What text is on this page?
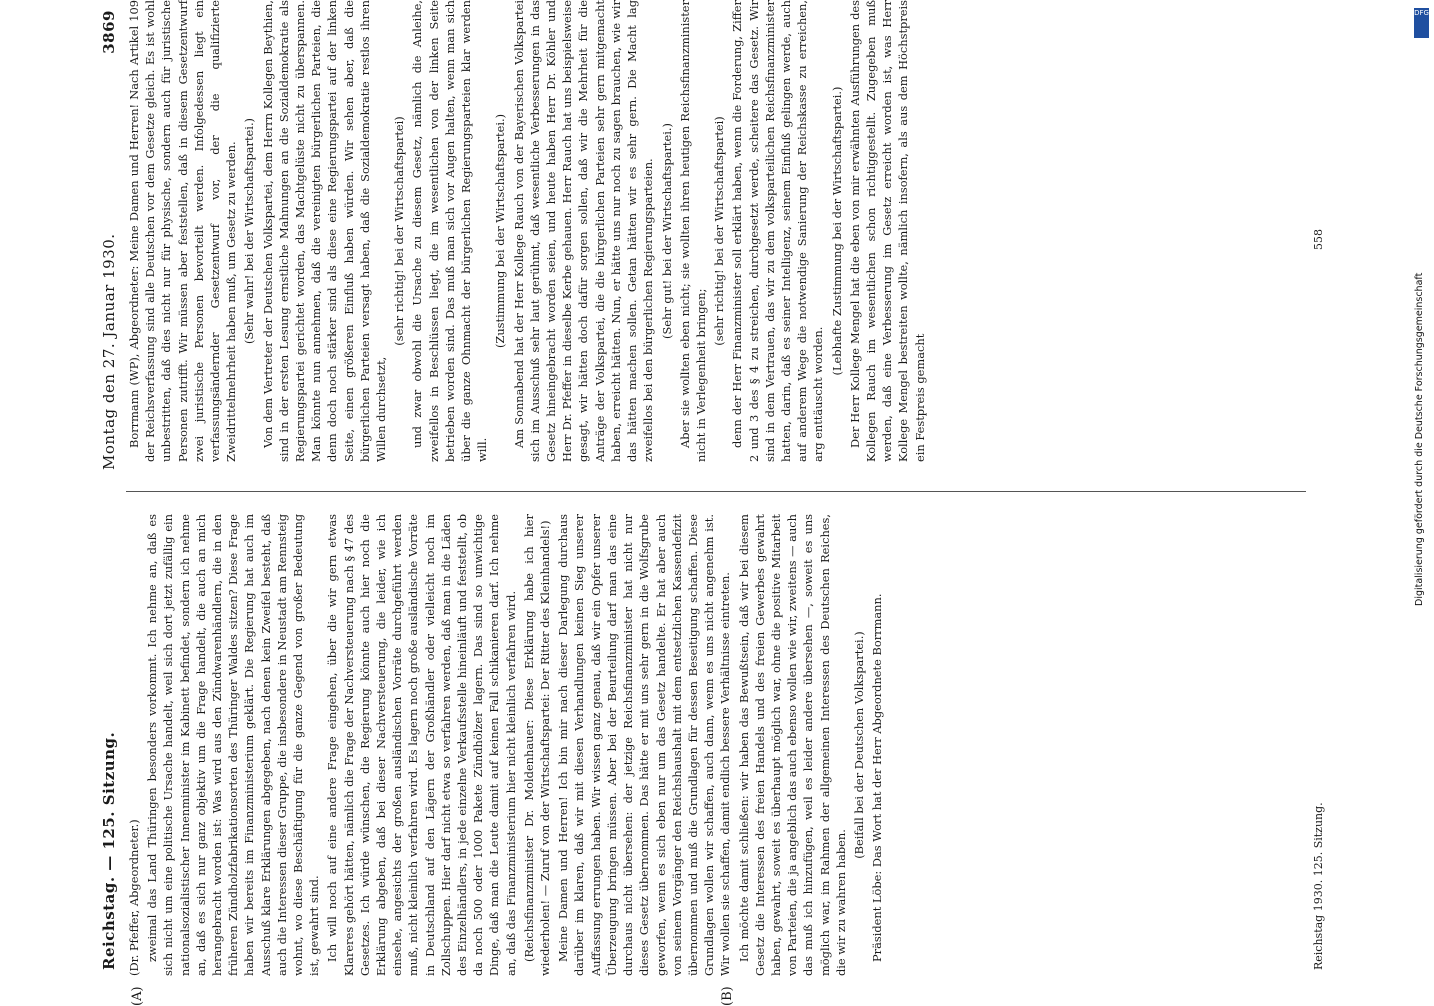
Reichstag. — 125. Sitzung.
Montag den 27. Januar 1930.
3869
(A)	(B)

(Dr. Pfeffer, Abgeordneter.) zweimal das Land Thüringen besonders vorkommt. Ich nehme an, daß es sich nicht um eine politische Ursache handelt, weil sich dort jetzt zufällig ein nationalsozialistischer Innenminister im Kabinett befindet, sondern ich nehme an, daß es sich nur ganz objektiv um die Frage handelt, die auch an mich herangebracht worden ist: Was wird aus den Zündwarenhändlern, die in den früheren Zündholzfabrikationsorten des Thüringer Waldes sitzen? Diese Frage haben wir bereits im Finanzministerium geklärt. Die Regierung hat auch im Ausschuß klare Erklärungen abgegeben, nach denen kein Zweifel besteht, daß auch die Interessen dieser Gruppe, die insbesondere in Neustadt am Rennsteig wohnt, wo diese Beschäftigung für die ganze Gegend von großer Bedeutung ist, gewahrt sind. Ich will noch auf eine andere Frage eingehen, über die wir gern etwas Klareres gehört hätten, nämlich die Frage der Nachversteuerung nach § 47 des Gesetzes. Ich würde wünschen, die Regierung könnte auch hier noch die Erklärung abgeben, daß bei dieser Nachversteuerung, die leider, wie ich einsehe, angesichts der großen ausländischen Vorräte durchgeführt werden muß, nicht kleinlich verfahren wird. Es lagern noch große ausländische Vorräte in Deutschland auf den Lägern der Großhändler oder vielleicht noch im Zollschuppen. Hier darf nicht etwa so verfahren werden, daß man in die Läden des Einzelhändlers, in jede einzelne Verkaufsstelle hineinläuft und feststellt, ob da noch 500 oder 1000 Pakete Zündhölzer lagern. Das sind so unwichtige Dinge, daß man die Leute damit auf keinen Fall schikanieren darf. Ich nehme an, daß das Finanzministerium hier nicht kleinlich verfahren wird. (Reichsfinanzminister Dr. Moldenhauer: Diese Erklärung habe ich hier wiederholen! — Zuruf von der Wirtschaftspartei: Der Ritter des Kleinhandels!) Meine Damen und Herren! Ich bin mir nach dieser Darlegung durchaus darüber im klaren, daß wir mit diesen Verhandlungen keinen Sieg unserer Auffassung errungen haben. Wir wissen ganz genau, daß wir ein Opfer unserer Überzeugung bringen müssen. Aber bei der Beurteilung darf man das eine durchaus nicht übersehen: der jetzige Reichsfinanzminister hat nicht nur dieses Gesetz übernommen. Das hätte er mit uns sehr gern in die Wolfsgrube geworfen, wenn es sich eben nur um das Gesetz handelte. Er hat aber auch von seinem Vorgänger den Reichshaushalt mit dem entsetzlichen Kassendefizit übernommen und muß die Grundlagen für dessen Beseitigung schaffen. Diese Grundlagen wollen wir schaffen, auch dann, wenn es uns nicht angenehm ist. Wir wollen sie schaffen, damit endlich bessere Verhältnisse eintreten. Ich möchte damit schließen: wir haben das Bewußtsein, daß wir bei diesem Gesetz die Interessen des freien Handels und des freien Gewerbes gewahrt haben, gewahrt, soweit es überhaupt möglich war, ohne die positive Mitarbeit von Parteien, die ja angeblich das auch ebenso wollen wie wir, zweitens — auch das muß ich hinzufügen, weil es leider andere übersehen —, soweit es uns möglich war, im Rahmen der allgemeinen Interessen des Deutschen Reiches, die wir zu wahren haben.

(Beifall bei der Deutschen Volkspartei.) Präsident Löbe: Das Wort hat der Herr Abgeordnete Borrmann.

Borrmann (WP), Abgeordneter: Meine Damen und Herren! Nach Artikel 109 der Reichsverfassung sind alle Deutschen vor dem Gesetze gleich. Es ist wohl unbestritten, daß dies nicht nur für physische, sondern auch für juristische Personen zutrifft. Wir müssen aber feststellen, daß in diesem Gesetzentwurf zwei juristische Personen bevorteilt werden. Infolgedessen liegt ein verfassungsändernder Gesetzentwurf vor, der die qualifizierte Zweidrittelmehrheit haben muß, um Gesetz zu werden. (Sehr wahr! bei der Wirtschaftspartei.) Von dem Vertreter der Deutschen Volkspartei, dem Herrn Kollegen Beythien, sind in der ersten Lesung ernstliche Mahnungen an die Sozialdemokratie als Regierungspartei gerichtet worden, das Machtgelüste nicht zu überspannen. Man könnte nun annehmen, daß die vereinigten bürgerlichen Parteien, die denn doch noch stärker sind als diese eine Regierungspartei auf der linken Seite, einen größeren Einfluß haben würden. Wir sehen aber, daß die bürgerlichen Parteien versagt haben, daß die Sozialdemokratie restlos ihren Willen durchsetzt,

(sehr richtig! bei der Wirtschaftspartei) und zwar obwohl die Ursache zu diesem Gesetz, nämlich die Anleihe, zweifellos in Beschlüssen liegt, die im wesentlichen von der linken Seite betrieben worden sind. Das muß man sich vor Augen halten, wenn man sich über die ganze Ohnmacht der bürgerlichen Regierungsparteien klar werden will.

(Zustimmung bei der Wirtschaftspartei.) Am Sonnabend hat der Herr Kollege Rauch von der Bayerischen Volkspartei sich im Ausschuß sehr laut gerühmt, daß wesentliche Verbesserungen in das Gesetz hineingebracht worden seien, und heute haben Herr Dr. Köhler und Herr Dr. Pfeffer in dieselbe Kerbe gehauen. Herr Rauch hat uns beispielsweise gesagt, wir hätten doch dafür sorgen sollen, daß wir die Mehrheit für die Anträge der Volkspartei, die die bürgerlichen Parteien sehr gern mitgemacht haben, erreicht hätten. Nun, er hätte uns nur noch zu sagen brauchen, wie wir das hätten machen sollen. Getan hätten wir es sehr gern. Die Macht lag zweifellos bei den bürgerlichen Regierungsparteien. (Sehr gut! bei der Wirtschaftspartei.) Aber sie wollten eben nicht; sie wollten ihren heutigen Reichsfinanzminister nicht in Verlegenheit bringen;

(sehr richtig! bei der Wirtschaftspartei) denn der Herr Finanzminister soll erklärt haben, wenn die Forderung, Ziffer 2 und 3 des § 4 zu streichen, durchgesetzt werde, scheitere das Gesetz. Wir sind in dem Vertrauen, das wir zu dem volksparteilichen Reichsfinanzminister hatten, darin, daß es seiner Intelligenz, seinem Einfluß gelingen werde, auch auf anderem Wege die notwendige Sanierung der Reichskasse zu erreichen, arg enttäuscht worden.

(Lebhafte Zustimmung bei der Wirtschaftspartei.) Der Herr Kollege Mengel hat die eben von mir erwähnten Ausführungen des Kollegen Rauch im wesentlichen schon richtiggestellt. Zugegeben muß werden, daß eine Verbesserung im Gesetz erreicht worden ist, was Herr Kollege Mengel bestreiten wollte, nämlich insofern, als aus dem Höchstpreis ein Festpreis gemacht

Reichstag 1930. 125. Sitzung.
558
DFG
Digitalisierung gefördert durch die Deutsche Forschungsgemeinschaft
